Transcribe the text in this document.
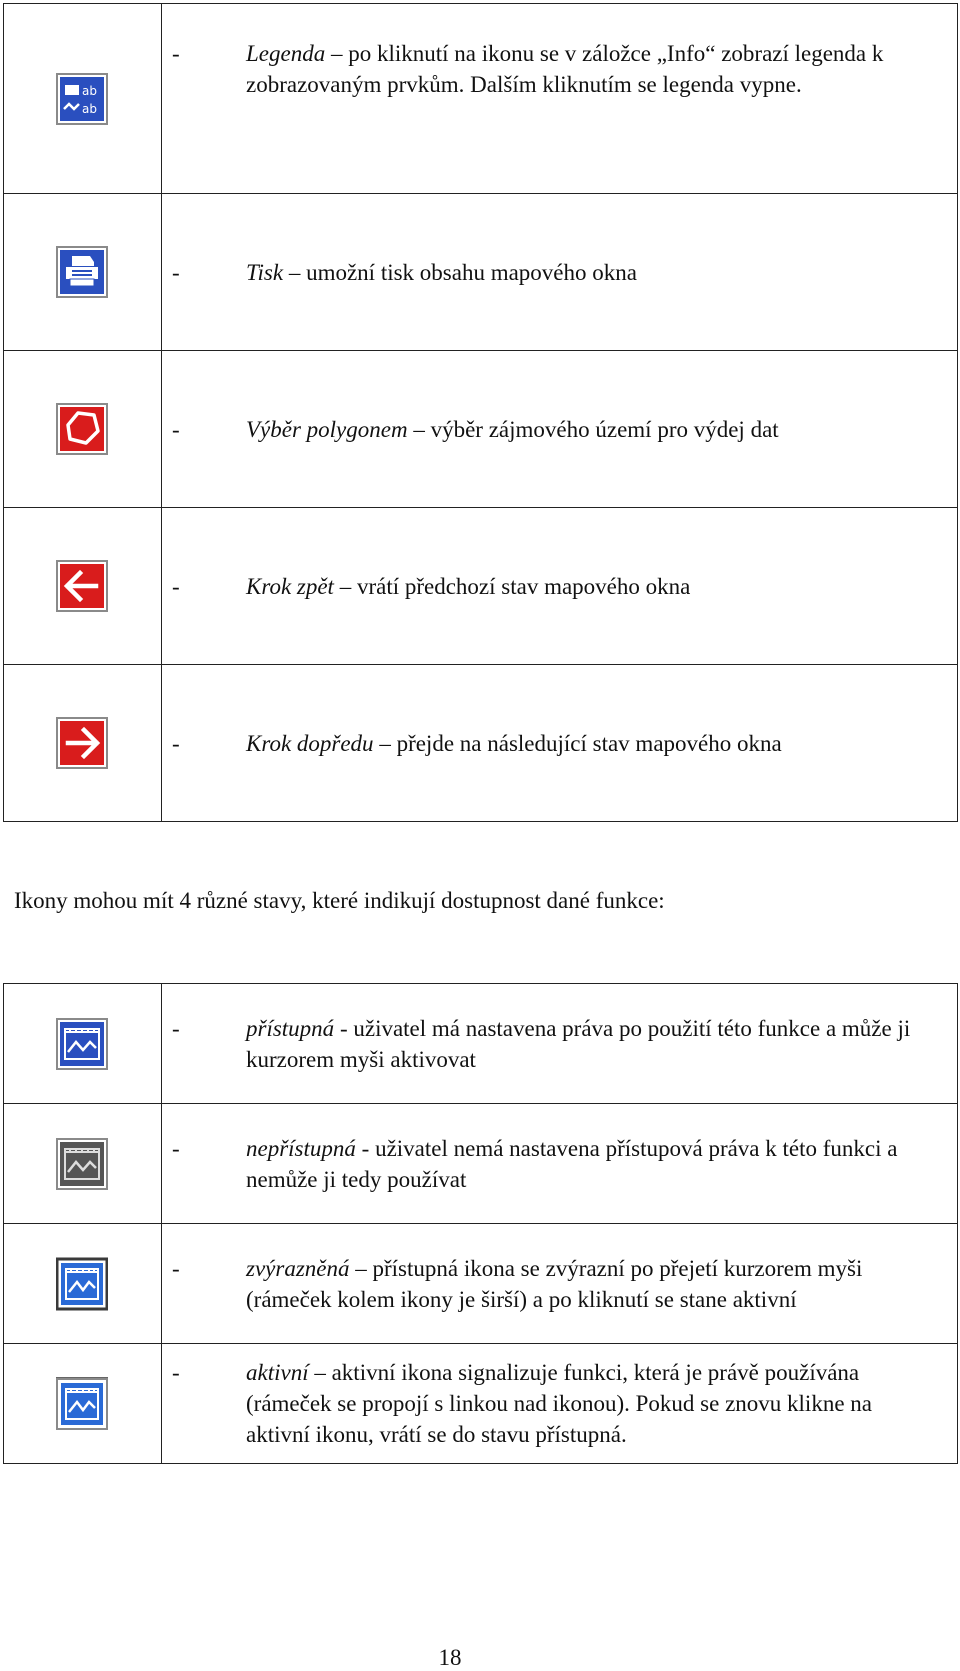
ab
ab	- Legenda – po kliknutí na ikonu se v záložce „Info“ zobrazí legenda k zobrazovaným prvkům. Dalším kliknutím se legenda vypne.

- Tisk – umožní tisk obsahu mapového okna

- Výběr polygonem – výběr zájmového území pro výdej dat

- Krok zpět – vrátí předchozí stav mapového okna

- Krok dopředu – přejde na následující stav mapového okna

Ikony mohou mít 4 různé stavy, které indikují dostupnost dané funkce:

- přístupná - uživatel má nastavena práva po použití této funkce a může ji kurzorem myši aktivovat

- nepřístupná - uživatel nemá nastavena přístupová práva k této funkci a nemůže ji tedy používat

- zvýrazněná – přístupná ikona se zvýrazní po přejetí kurzorem myši (rámeček kolem ikony je širší) a po kliknutí se stane aktivní

- aktivní – aktivní ikona signalizuje funkci, která je právě používána (rámeček se propojí s linkou nad ikonou). Pokud se znovu klikne na aktivní ikonu, vrátí se do stavu přístupná.
18
